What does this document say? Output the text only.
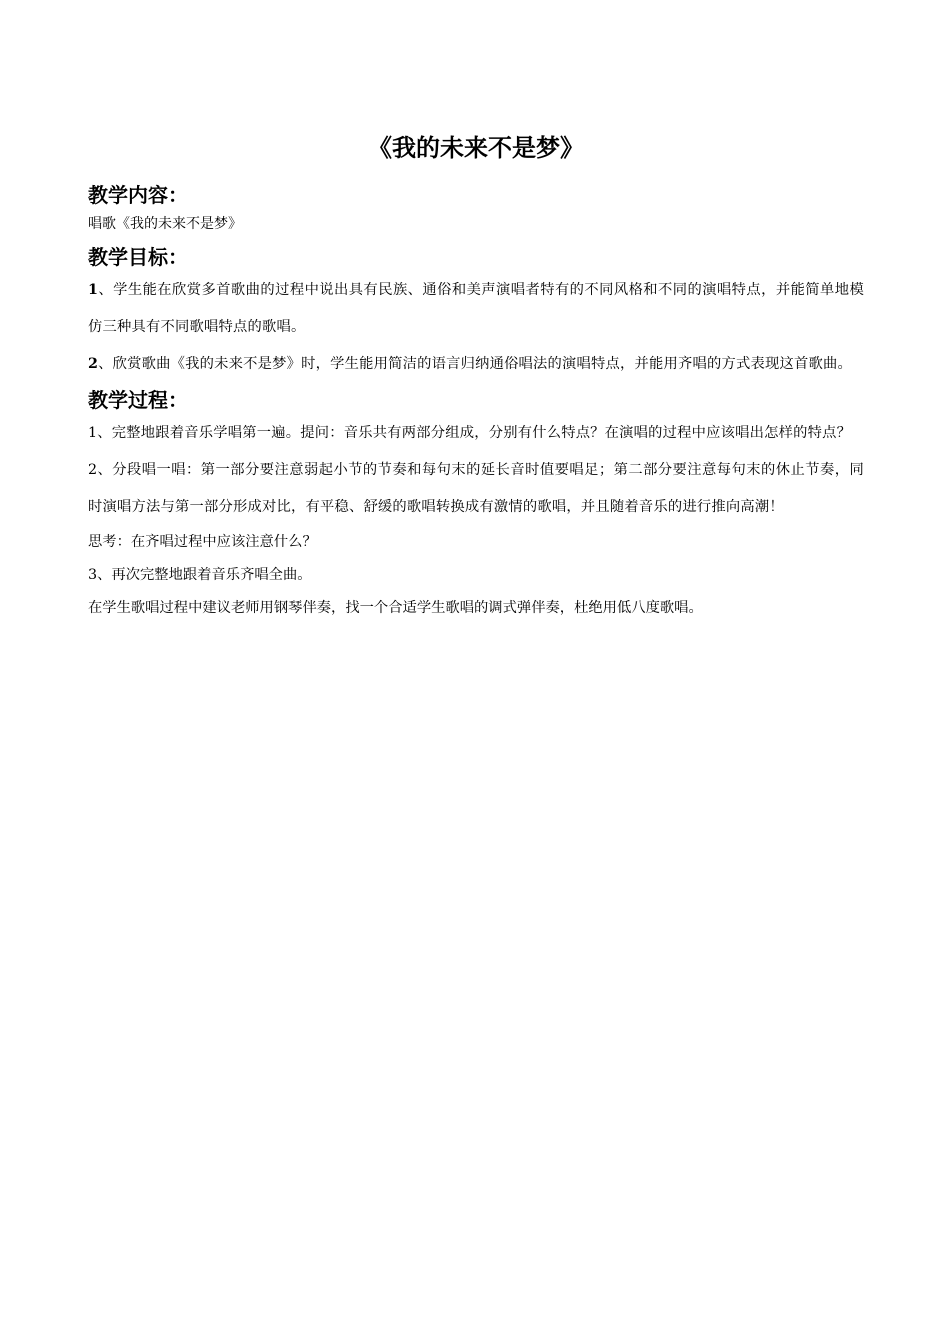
《我的未来不是梦》
教学内容：

唱歌《我的未来不是梦》

教学目标：

1、学生能在欣赏多首歌曲的过程中说出具有民族、通俗和美声演唱者特有的不同风格和不同的演唱特点，并能简单地模仿三种具有不同歌唱特点的歌唱。

2、欣赏歌曲《我的未来不是梦》时，学生能用简洁的语言归纳通俗唱法的演唱特点，并能用齐唱的方式表现这首歌曲。

教学过程：

1、完整地跟着音乐学唱第一遍。提问：音乐共有两部分组成，分别有什么特点？在演唱的过程中应该唱出怎样的特点？

2、分段唱一唱：第一部分要注意弱起小节的节奏和每句末的延长音时值要唱足；第二部分要注意每句末的休止节奏，同时演唱方法与第一部分形成对比，有平稳、舒缓的歌唱转换成有激情的歌唱，并且随着音乐的进行推向高潮！

思考：在齐唱过程中应该注意什么？

3、再次完整地跟着音乐齐唱全曲。

在学生歌唱过程中建议老师用钢琴伴奏，找一个合适学生歌唱的调式弹伴奏，杜绝用低八度歌唱。
